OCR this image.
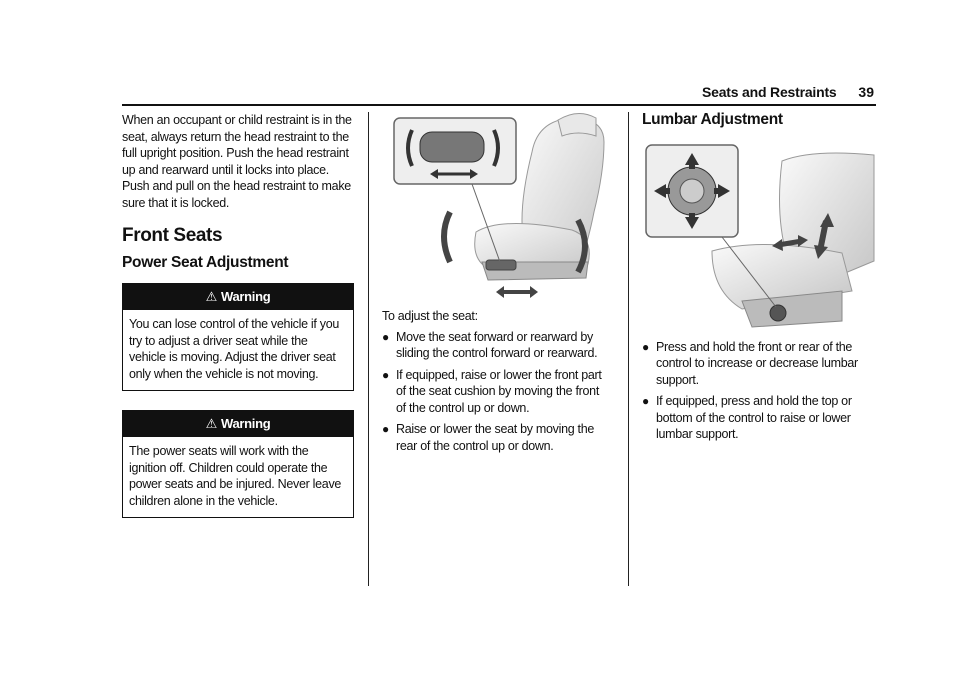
Seats and Restraints 39

When an occupant or child restraint is in the seat, always return the head restraint to the full upright position. Push the head restraint up and rearward until it locks into place. Push and pull on the head restraint to make sure that it is locked.

Front Seats
Power Seat Adjustment
⚠ Warning
You can lose control of the vehicle if you try to adjust a driver seat while the vehicle is moving. Adjust the driver seat only when the vehicle is not moving.
⚠ Warning
The power seats will work with the ignition off. Children could operate the power seats and be injured. Never leave children alone in the vehicle.

To adjust the seat:

● Move the seat forward or rearward by sliding the control forward or rearward.
● If equipped, raise or lower the front part of the seat cushion by moving the front of the control up or down.
● Raise or lower the seat by moving the rear of the control up or down.
Lumbar Adjustment
● Press and hold the front or rear of the control to increase or decrease lumbar support.
● If equipped, press and hold the top or bottom of the control to raise or lower lumbar support.
